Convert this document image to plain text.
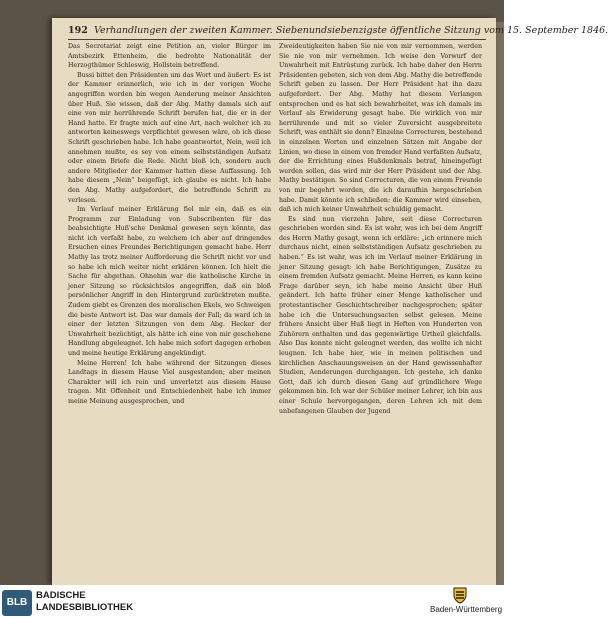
192 Verhandlungen der zweiten Kammer. Siebenundsiebenzigste öffentliche Sitzung vom 15. September 1846.

Das Secretariat zeigt eine Petition an, vieler Bürger im Amtsbezirk Ettenheim, die bedrohte Nationalität der Herzogthümer Schleswig, Hollstein betreffend.

Bussi bittet den Präsidenten um das Wort und äußert: Es ist der Kammer erinnerlich, wie ich in der vorigen Woche angegriffen worden bin wegen Aenderung meiner Ansichten über Huß. Sie wissen, daß der Abg. Mathy damals sich auf eine von mir herrührende Schrift berufen hat, die er in der Hand hatte. Er fragte mich auf eine Art, nach welcher ich zu antworten keineswegs verpflichtet gewesen wäre, ob ich diese Schrift geschrieben habe. Ich habe geantwortet, Nein, weil ich annehmen mußte, es sey von einem selbstständigen Aufsatz oder einem Briefe die Rede. Nicht bloß ich, sondern auch andere Mitglieder der Kammer hatten diese Auffassung. Ich habe diesem „Nein“ beigefügt, ich glaube es nicht. Ich habe den Abg. Mathy aufgefordert, die betreffende Schrift zu verlesen.

Im Verlauf meiner Erklärung fiel mir ein, daß es ein Programm zur Einladung von Subscribenten für das beabsichtigte Huß'sche Denkmal gewesen seyn könnte, das nicht ich verfaßt habe, zu welchem ich aber auf dringendes Ersuchen eines Freundes Berichtigungen gemacht habe. Herr Mathy las trotz meiner Aufforderung die Schrift nicht vor und so habe ich mich weiter nicht erklären können. Ich hielt die Sache für abgethan. Ohnehin war die katholische Kirche in jener Sitzung so rücksichtslos angegriffen, daß ein bloß persönlicher Angriff in den Hintergrund zurücktreten mußte. Zudem giebt es Grenzen des moralischen Ekels, wo Schweigen die beste Antwort ist. Das war damals der Fall; da ward ich in einer der letzten Sitzungen von dem Abg. Hecker der Unwahrheit bezüchtigt, als hätte ich eine von mir geschehene Handlung abgeleugnet. Ich habe mich sofort dagegen erhoben und meine heutige Erklärung angekündigt.

Meine Herren! Ich habe während der Sitzungen dieses Landtags in diesem Hause Viel ausgestanden; aber meinen Charakter will ich rein und unverletzt aus diesem Hause tragen. Mit Offenheit und Entschiedenheit habe ich immer meine Meinung ausgesprochen, und

Zweideutigkeiten haben Sie nie von mir vernommen, werden Sie nie von mir vernehmen. Ich weise den Vorwurf der Unwahrheit mit Entrüstung zurück. Ich habe daher den Herrn Präsidenten gebeten, sich von dem Abg. Mathy die betreffende Schrift geben zu lassen. Der Herr Präsident hat ihn dazu aufgefordert. Der Abg. Mathy hat diesem Verlangen entsprochen und es hat sich bewahrheitet, was ich damals im Verlauf als Erwiderung gesagt habe. Die wirklich von mir herrührende und mit so vieler Zuversicht ausgebreitete Schrift, was enthält sie denn? Einzelne Correcturen, bestehend in einzelnen Worten und einzelnen Sätzen mit Angabe der Linien, wo diese in einem von fremder Hand verfaßten Aufsatz, der die Errichtung eines Hußdenkmals betraf, hineingefügt werden sollen, das wird mir der Herr Präsident und der Abg. Mathy bestätigen. So sind Correcturen, die von einem Freunde von mir begehrt worden, die ich daraufhin hergeschrieben habe. Damit könnte ich schließen: die Kammer wird einsehen, daß ich mich keiner Unwahrheit schuldig gemacht.

Es sind nun vierzehn Jahre, seit diese Correcturen geschrieben worden sind. Es ist wahr, was ich bei dem Angriff des Herrn Mathy gesagt, wenn ich erkläre: „ich erinnere mich durchaus nicht, einen selbstständigen Aufsatz geschrieben zu haben.“ Es ist wahr, was ich im Verlauf meiner Erklärung in jener Sitzung gesagt: ich habe Berichtigungen, Zusätze zu einem fremden Aufsatz gemacht. Meine Herren, es kann keine Frage darüber seyn, ich habe meine Ansicht über Huß geändert. Ich hatte früher einer Menge katholischer und protestantischer Geschichtschreiber nachgesprochen; später habe ich die Untersuchungsacten selbst gelesen. Meine frühere Ansicht über Huß liegt in Heften von Hunderten von Zuhörern enthalten und das gegenwärtige Urtheil gleichfalls. Also Das konnte nicht geleugnet werden, das wollte ich nicht leugnen. Ich habe hier, wie in meinen politischen und kirchlichen Anschauungsweisen an der Hand gewissenhafter Studien, Aenderungen durchgangen. Ich gestehe, ich danke Gott, daß ich durch diesen Gang auf gründlichere Wege gekommen bin. Ich war der Schüler meiner Lehrer, ich bin aus einer Schule hervorgegangen, deren Lehren ich mit dem unbefangenen Glauben der Jugend

BLB
BADISCHE
LANDESBIBLIOTHEK	Baden-Württemberg
